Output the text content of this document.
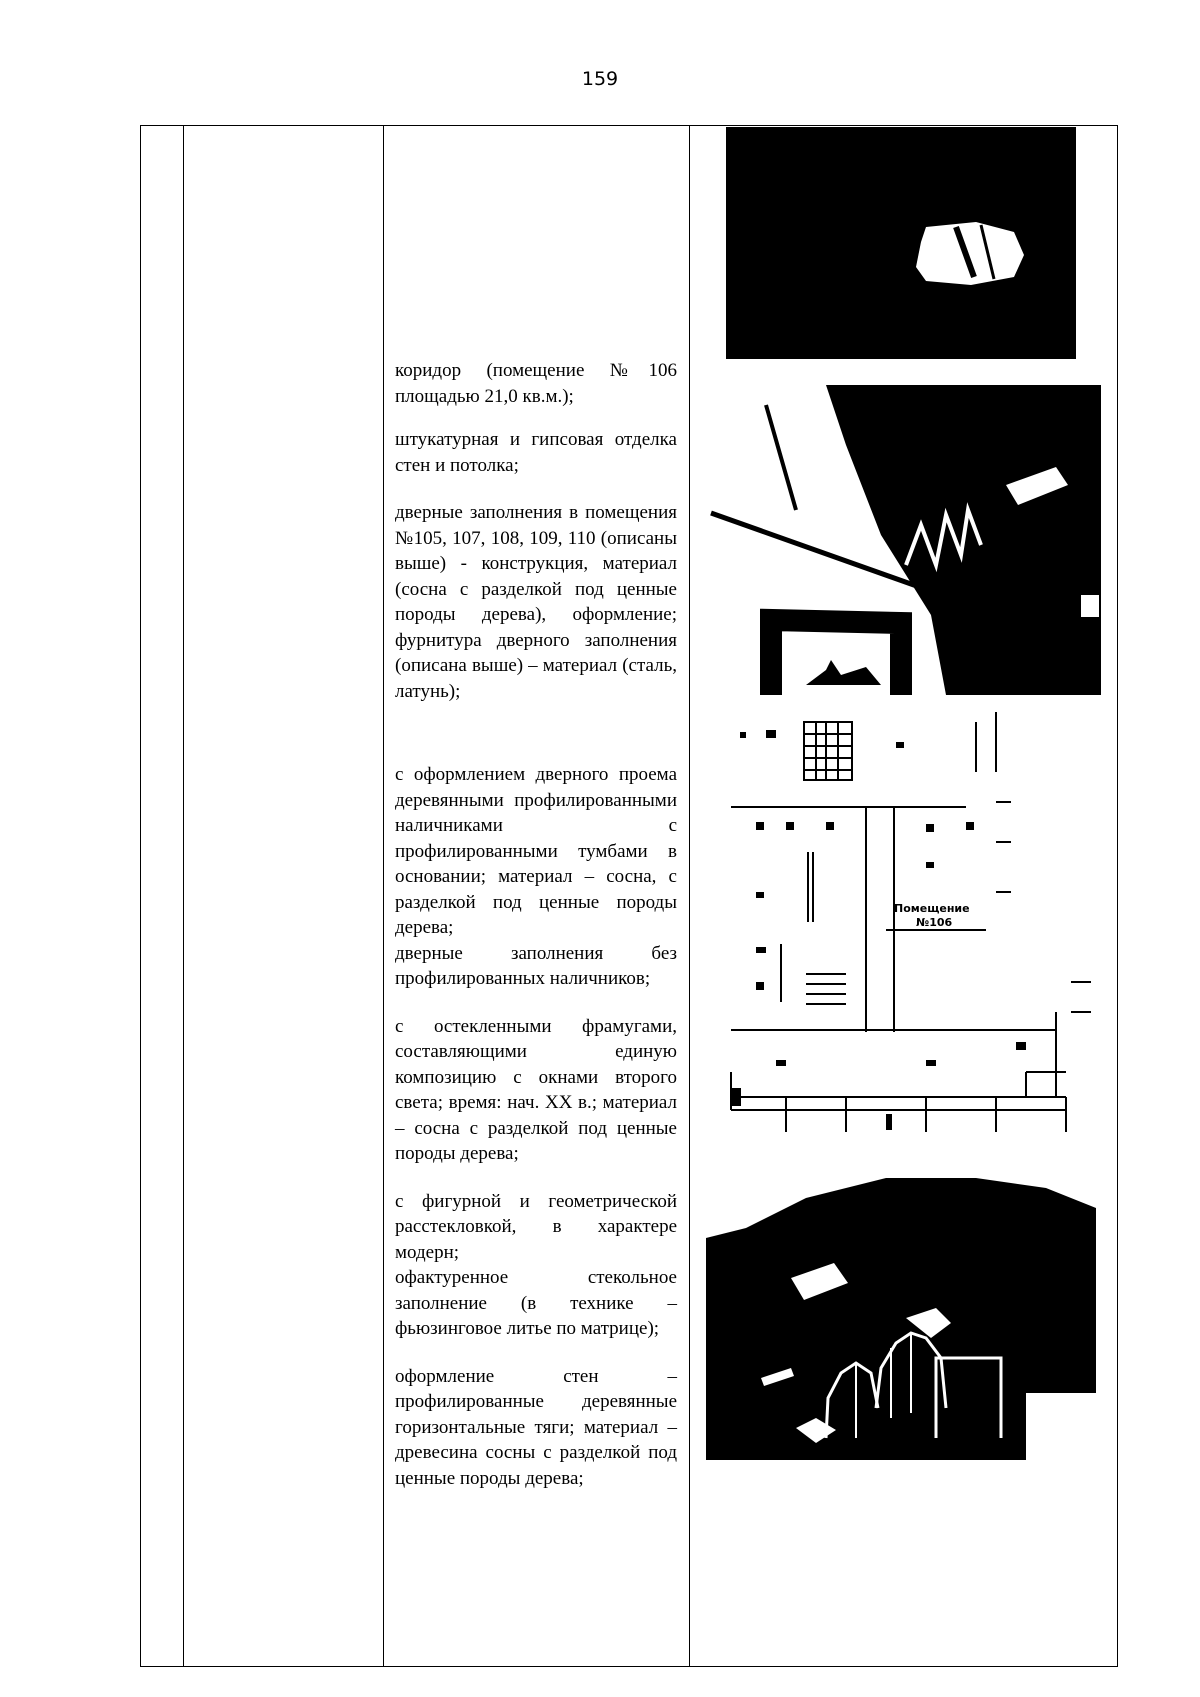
159

коридор (помещение №106 площадью 21,0 кв.м.);

штукатурная и гипсовая отделка стен и потолка;

дверные заполнения в помещения №105, 107, 108, 109, 110 (описаны выше) - конструкция, материал (сосна с разделкой под ценные породы дерева), оформление; фурнитура дверного заполнения (описана выше) – материал (сталь, латунь);

с оформлением дверного проема деревянными профилированными наличниками с профилированными тумбами в основании; материал – сосна, с разделкой под ценные породы дерева;

дверные заполнения без профилированных наличников;

с остекленными фрамугами, составляющими единую композицию с окнами второго света; время: нач. XX в.; материал – сосна с разделкой под ценные породы дерева;

с фигурной и геометрической расстекловкой, в характере модерн;

офактуренное стекольное заполнение (в технике – фьюзинговое литье по матрице);

оформление стен – профилированные деревянные горизонтальные тяги; материал – древесина сосны с разделкой под ценные породы дерева;

Помещение
№106
